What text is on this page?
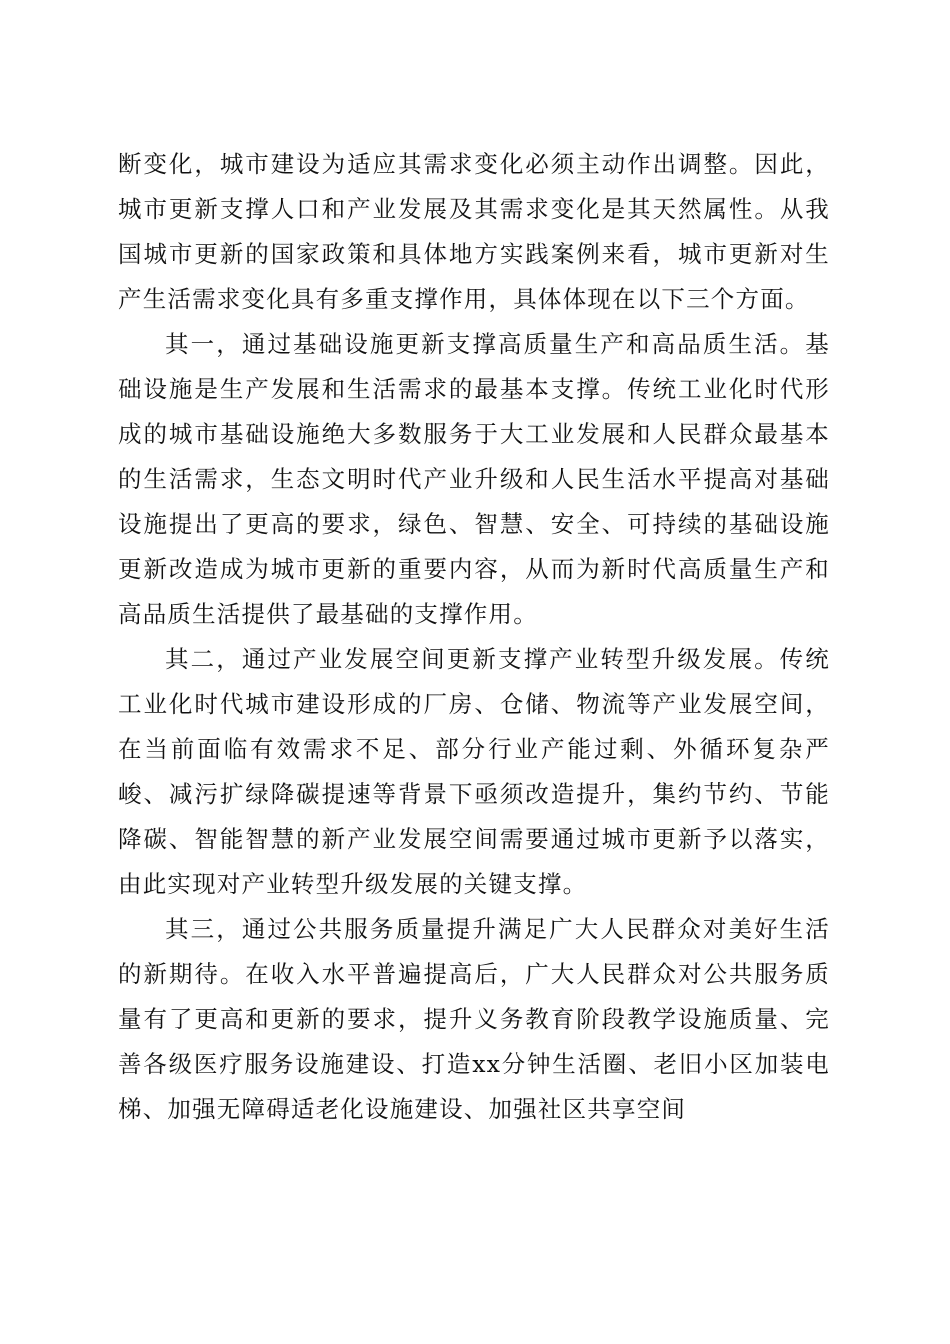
断变化，城市建设为适应其需求变化必须主动作出调整。因此，城市更新支撑人口和产业发展及其需求变化是其天然属性。从我国城市更新的国家政策和具体地方实践案例来看，城市更新对生产生活需求变化具有多重支撑作用，具体体现在以下三个方面。

其一，通过基础设施更新支撑高质量生产和高品质生活。基础设施是生产发展和生活需求的最基本支撑。传统工业化时代形成的城市基础设施绝大多数服务于大工业发展和人民群众最基本的生活需求，生态文明时代产业升级和人民生活水平提高对基础设施提出了更高的要求，绿色、智慧、安全、可持续的基础设施更新改造成为城市更新的重要内容，从而为新时代高质量生产和高品质生活提供了最基础的支撑作用。

其二，通过产业发展空间更新支撑产业转型升级发展。传统工业化时代城市建设形成的厂房、仓储、物流等产业发展空间，在当前面临有效需求不足、部分行业产能过剩、外循环复杂严峻、减污扩绿降碳提速等背景下亟须改造提升，集约节约、节能降碳、智能智慧的新产业发展空间需要通过城市更新予以落实，由此实现对产业转型升级发展的关键支撑。

其三，通过公共服务质量提升满足广大人民群众对美好生活的新期待。在收入水平普遍提高后，广大人民群众对公共服务质量有了更高和更新的要求，提升义务教育阶段教学设施质量、完善各级医疗服务设施建设、打造xx分钟生活圈、老旧小区加装电梯、加强无障碍适老化设施建设、加强社区共享空间
